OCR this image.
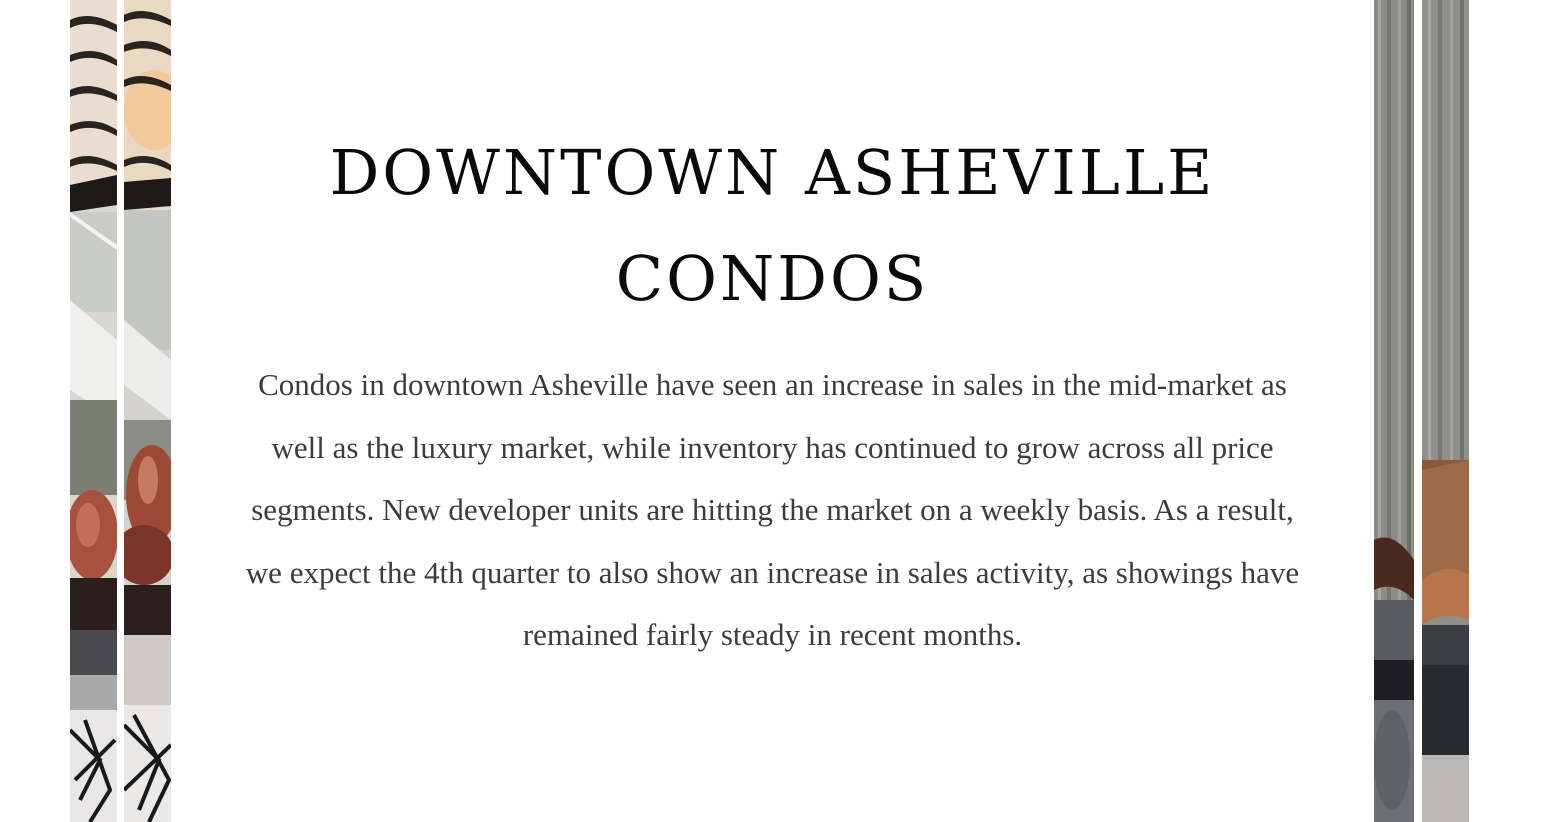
DOWNTOWN ASHEVILLE CONDOS

Condos in downtown Asheville have seen an increase in sales in the mid-market as well as the luxury market, while inventory has continued to grow across all price segments. New developer units are hitting the market on a weekly basis. As a result, we expect the 4th quarter to also show an increase in sales activity, as showings have remained fairly steady in recent months.
